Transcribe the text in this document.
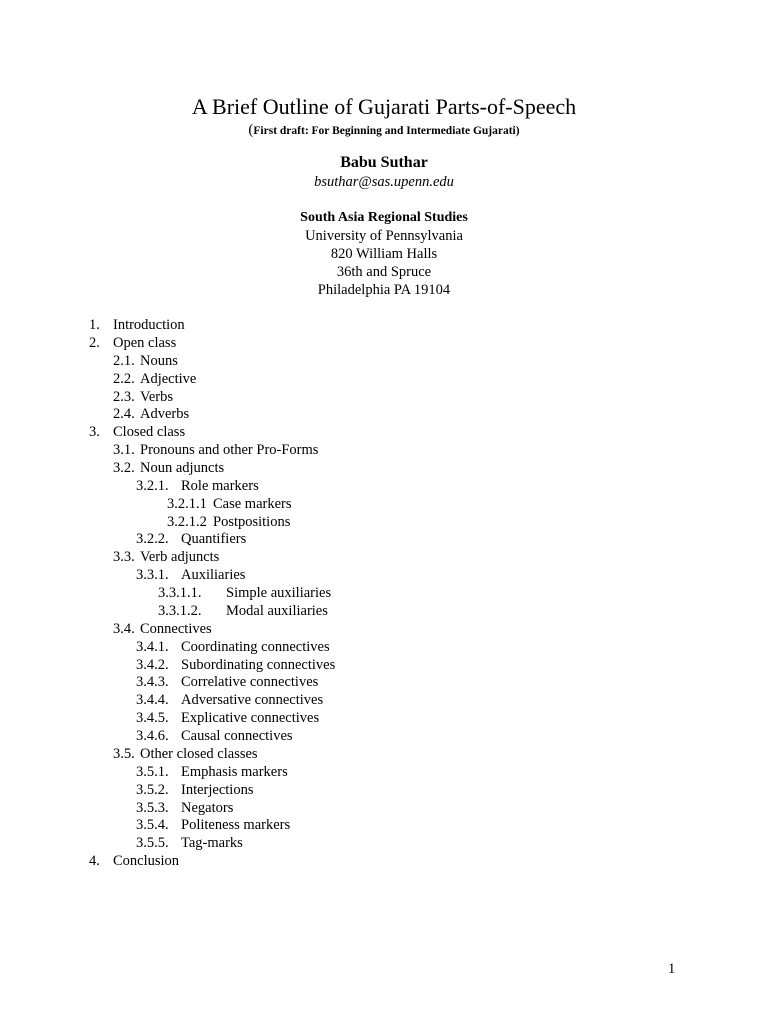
A Brief Outline of Gujarati Parts-of-Speech
(First draft: For Beginning and Intermediate Gujarati)
Babu Suthar
bsuthar@sas.upenn.edu
South Asia Regional Studies
University of Pennsylvania
820 William Halls
36th and Spruce
Philadelphia PA 19104
1. Introduction
2. Open class
2.1. Nouns
2.2. Adjective
2.3. Verbs
2.4. Adverbs
3. Closed class
3.1. Pronouns and other Pro-Forms
3.2. Noun adjuncts
3.2.1. Role markers
3.2.1.1 Case markers
3.2.1.2 Postpositions
3.2.2. Quantifiers
3.3. Verb adjuncts
3.3.1. Auxiliaries
3.3.1.1. Simple auxiliaries
3.3.1.2. Modal auxiliaries
3.4. Connectives
3.4.1. Coordinating connectives
3.4.2. Subordinating connectives
3.4.3. Correlative connectives
3.4.4. Adversative connectives
3.4.5. Explicative connectives
3.4.6. Causal connectives
3.5. Other closed classes
3.5.1. Emphasis markers
3.5.2. Interjections
3.5.3. Negators
3.5.4. Politeness markers
3.5.5. Tag-marks
4. Conclusion
1
